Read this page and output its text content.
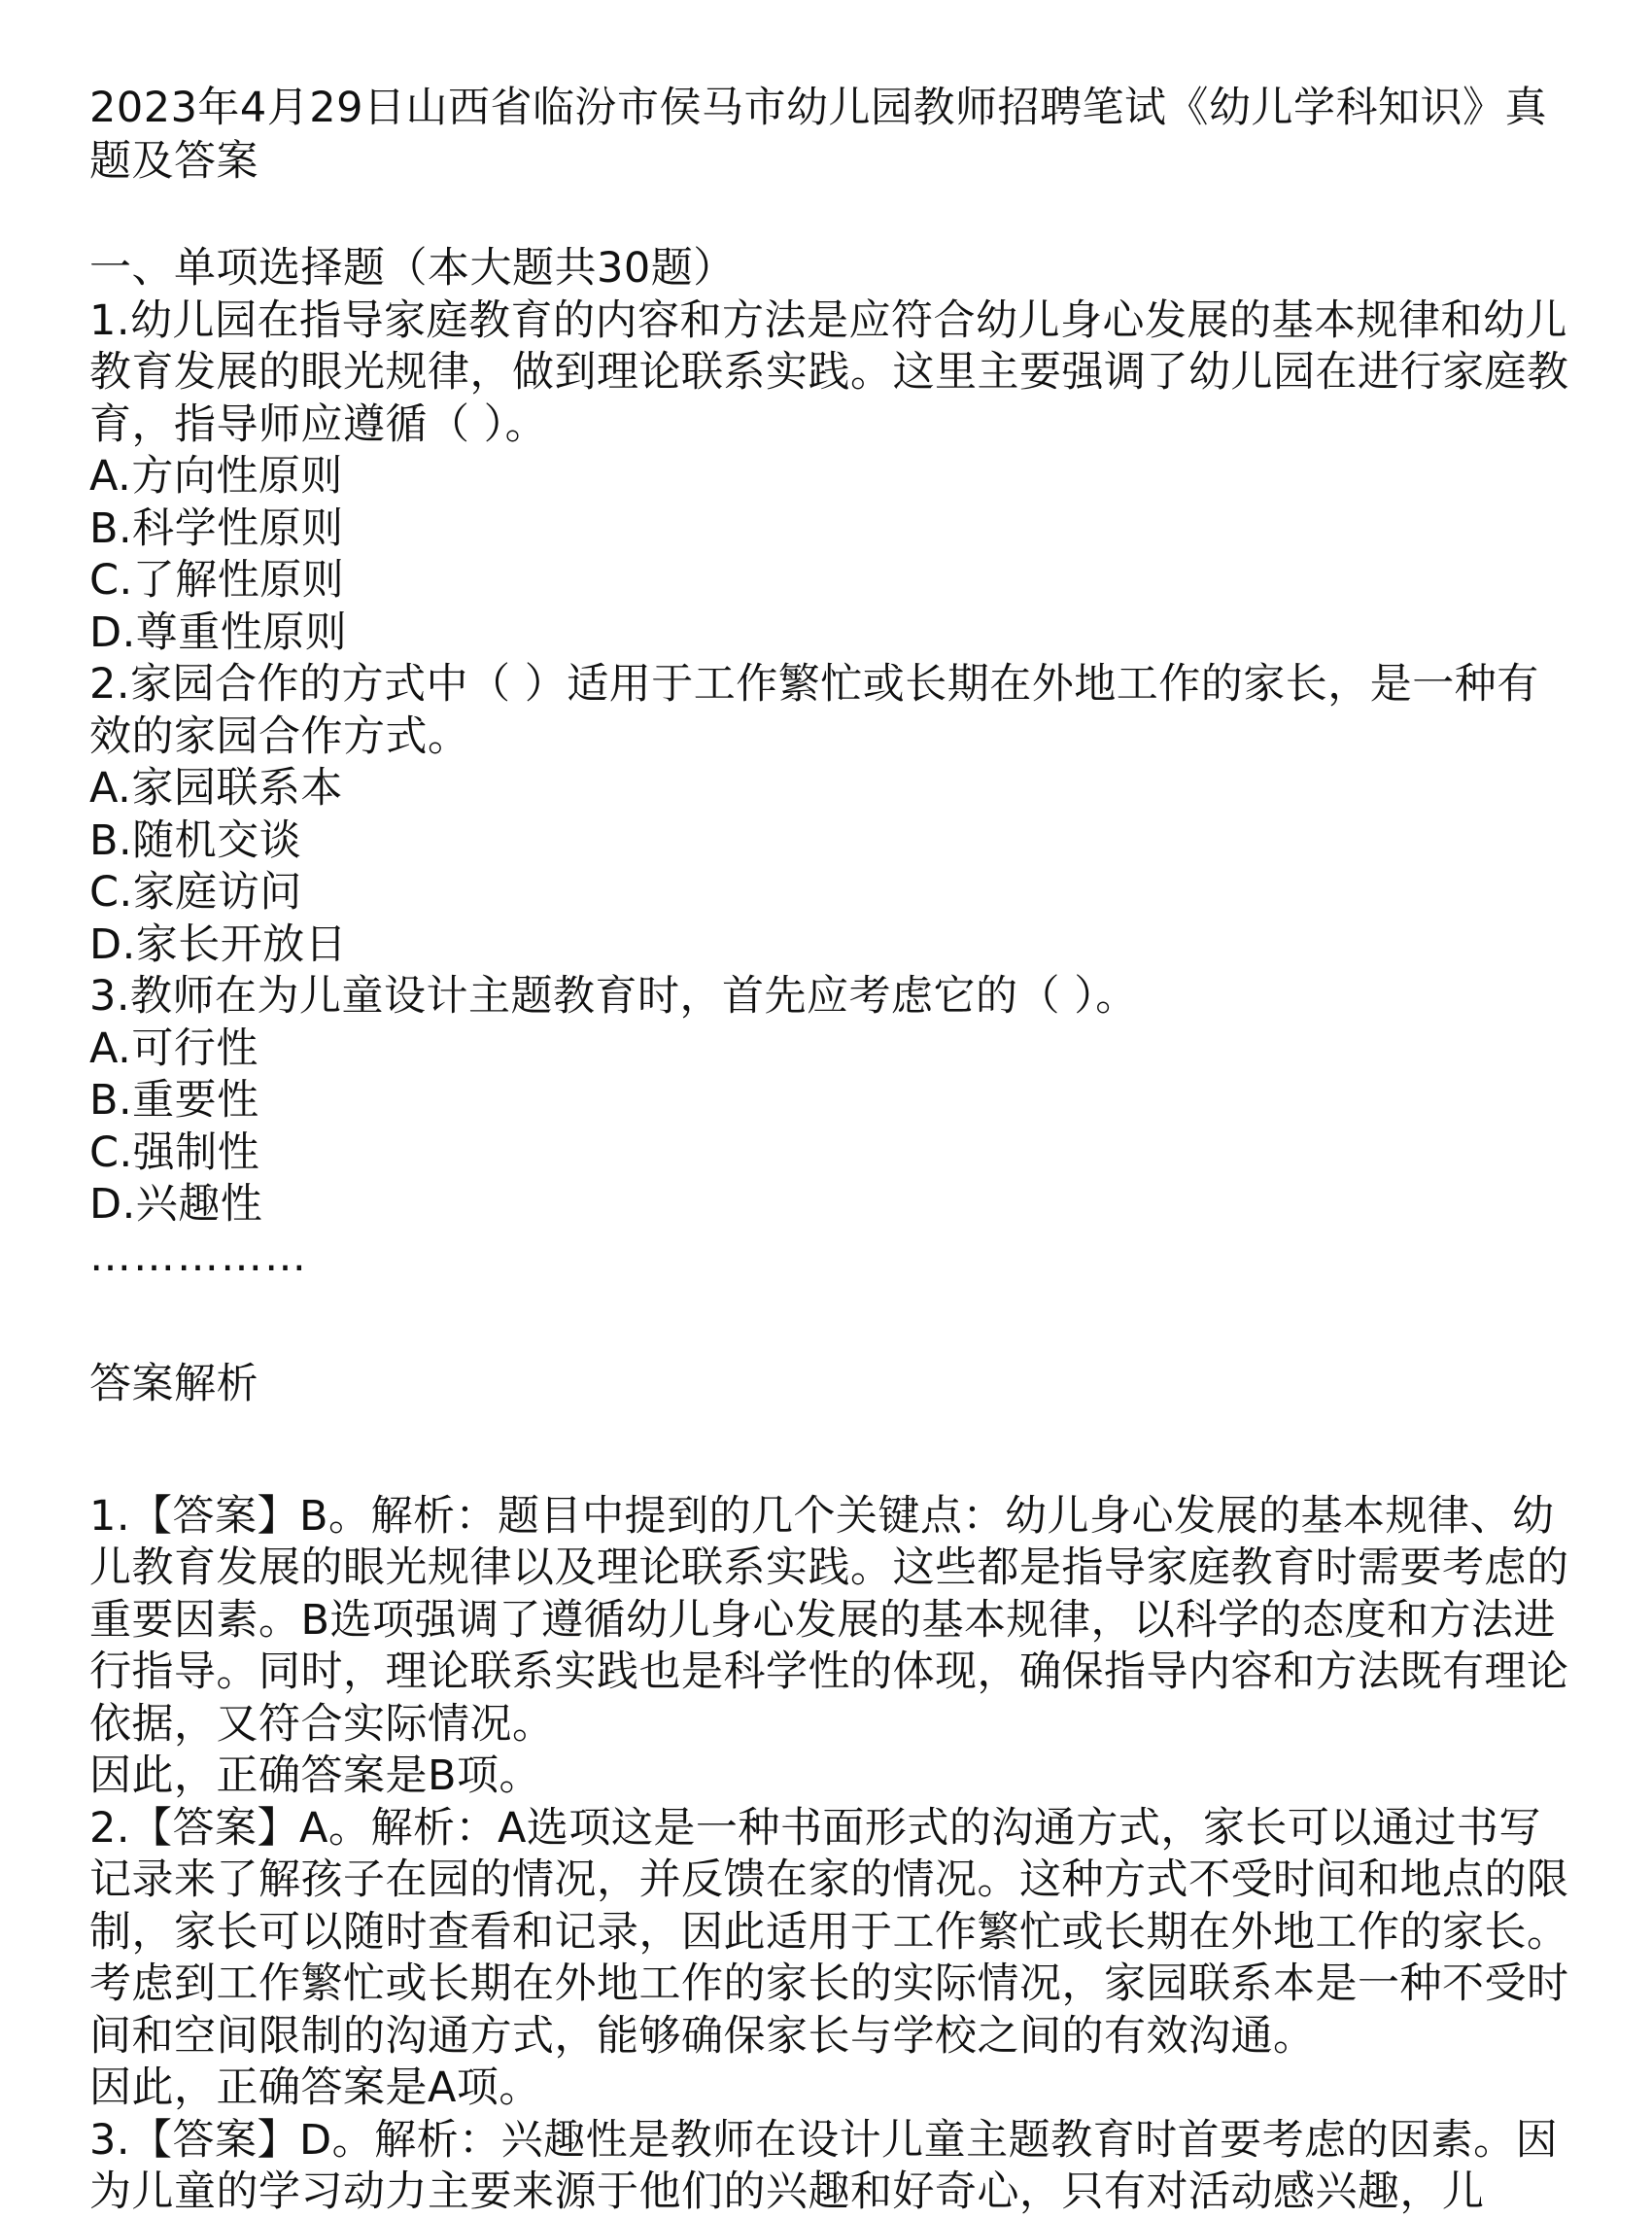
2023年4月29日山西省临汾市侯马市幼儿园教师招聘笔试《幼儿学科知识》真题及答案

一、单项选择题（本大题共30题）

1.幼儿园在指导家庭教育的内容和方法是应符合幼儿身心发展的基本规律和幼儿教育发展的眼光规律，做到理论联系实践。这里主要强调了幼儿园在进行家庭教育，指导师应遵循（ ）。

A.方向性原则

B.科学性原则

C.了解性原则

D.尊重性原则

2.家园合作的方式中（ ）适用于工作繁忙或长期在外地工作的家长，是一种有效的家园合作方式。

A.家园联系本

B.随机交谈

C.家庭访问

D.家长开放日

3.教师在为儿童设计主题教育时，首先应考虑它的（ ）。

A.可行性

B.重要性

C.强制性

D.兴趣性

……………

答案解析

1.【答案】B。解析：题目中提到的几个关键点：幼儿身心发展的基本规律、幼儿教育发展的眼光规律以及理论联系实践。这些都是指导家庭教育时需要考虑的重要因素。B选项强调了遵循幼儿身心发展的基本规律，以科学的态度和方法进行指导。同时，理论联系实践也是科学性的体现，确保指导内容和方法既有理论依据，又符合实际情况。

因此，正确答案是B项。

2.【答案】A。解析：A选项这是一种书面形式的沟通方式，家长可以通过书写记录来了解孩子在园的情况，并反馈在家的情况。这种方式不受时间和地点的限制，家长可以随时查看和记录，因此适用于工作繁忙或长期在外地工作的家长。考虑到工作繁忙或长期在外地工作的家长的实际情况，家园联系本是一种不受时间和空间限制的沟通方式，能够确保家长与学校之间的有效沟通。

因此，正确答案是A项。

3.【答案】D。解析：兴趣性是教师在设计儿童主题教育时首要考虑的因素。因为儿童的学习动力主要来源于他们的兴趣和好奇心，只有对活动感兴趣，儿
